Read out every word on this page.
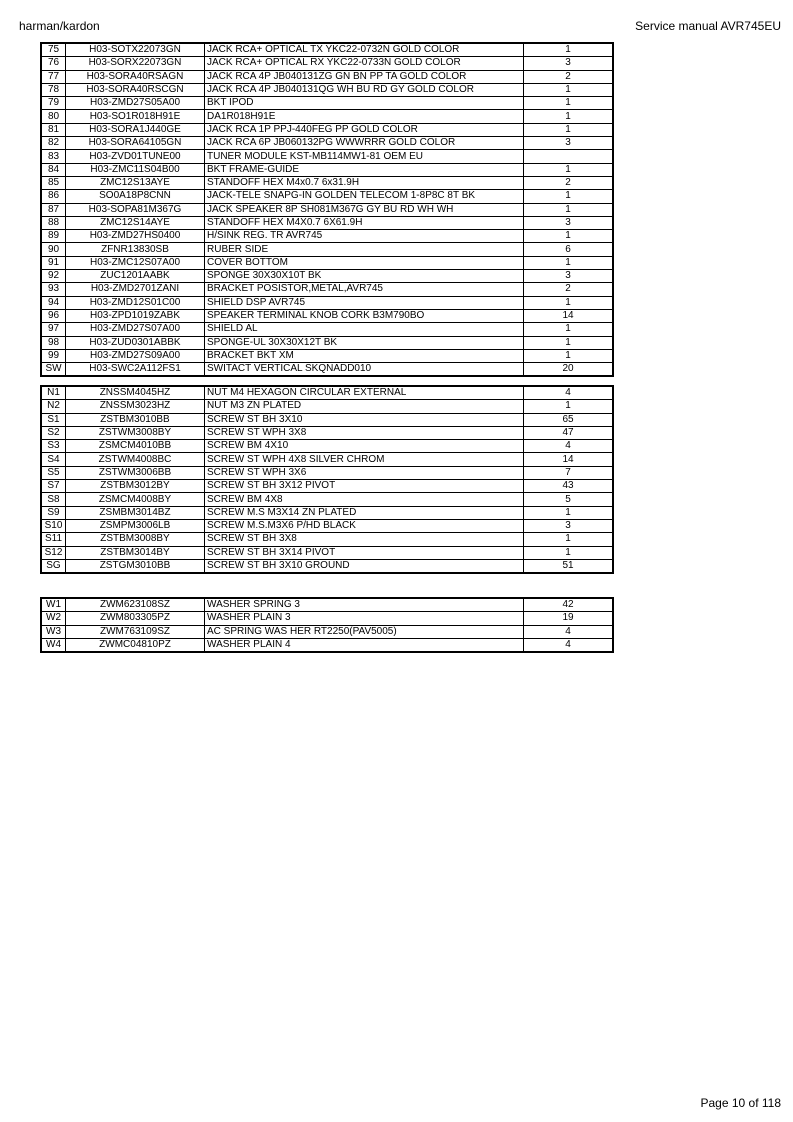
harman/kardon	Service manual AVR745EU
75	H03-SOTX22073GN	JACK RCA+ OPTICAL TX YKC22-0732N GOLD COLOR	1
76	H03-SORX22073GN	JACK RCA+ OPTICAL RX YKC22-0733N GOLD COLOR	3
77	H03-SORA40RSAGN	JACK RCA 4P JB040131ZG GN BN PP TA GOLD COLOR	2
78	H03-SORA40RSCGN	JACK RCA 4P JB040131QG WH BU RD GY GOLD COLOR	1
79	H03-ZMD27S05A00	BKT IPOD	1
80	H03-SO1R018H91E	DA1R018H91E	1
81	H03-SORA1J440GE	JACK RCA 1P PPJ-440FEG PP GOLD COLOR	1
82	H03-SORA64105GN	JACK RCA 6P JB060132PG WWWRRR GOLD COLOR	3
83	H03-ZVD01TUNE00	TUNER MODULE KST-MB114MW1-81 OEM EU	
84	H03-ZMC11S04B00	BKT FRAME-GUIDE	1
85	ZMC12S13AYE	STANDOFF HEX M4x0.7 6x31.9H	2
86	SO0A18P8CNN	JACK-TELE SNAPG-IN GOLDEN TELECOM 1-8P8C 8T BK	1
87	H03-SOPA81M367G	JACK SPEAKER 8P SH081M367G GY BU RD WH WH	1
88	ZMC12S14AYE	STANDOFF HEX M4X0.7 6X61.9H	3
89	H03-ZMD27HS0400	H/SINK REG. TR AVR745	1
90	ZFNR13830SB	RUBER SIDE	6
91	H03-ZMC12S07A00	COVER BOTTOM	1
92	ZUC1201AABK	SPONGE 30X30X10T BK	3
93	H03-ZMD2701ZANI	BRACKET POSISTOR,METAL,AVR745	2
94	H03-ZMD12S01C00	SHIELD DSP AVR745	1
96	H03-ZPD1019ZABK	SPEAKER TERMINAL KNOB CORK B3M790BO	14
97	H03-ZMD27S07A00	SHIELD AL	1
98	H03-ZUD0301ABBK	SPONGE-UL 30X30X12T BK	1
99	H03-ZMD27S09A00	BRACKET BKT XM	1
SW	H03-SWC2A112FS1	SWITACT VERTICAL SKQNADD010	20
N1	ZNSSM4045HZ	NUT M4 HEXAGON CIRCULAR EXTERNAL	4
N2	ZNSSM3023HZ	NUT M3 ZN PLATED	1
S1	ZSTBM3010BB	SCREW ST BH 3X10	65
S2	ZSTWM3008BY	SCREW ST WPH 3X8	47
S3	ZSMCM4010BB	SCREW BM 4X10	4
S4	ZSTWM4008BC	SCREW ST WPH 4X8 SILVER CHROM	14
S5	ZSTWM3006BB	SCREW ST WPH 3X6	7
S7	ZSTBM3012BY	SCREW ST BH 3X12 PIVOT	43
S8	ZSMCM4008BY	SCREW BM 4X8	5
S9	ZSMBM3014BZ	SCREW M.S M3X14 ZN PLATED	1
S10	ZSMPM3006LB	SCREW M.S.M3X6 P/HD BLACK	3
S11	ZSTBM3008BY	SCREW ST BH 3X8	1
S12	ZSTBM3014BY	SCREW ST BH 3X14 PIVOT	1
SG	ZSTGM3010BB	SCREW ST BH 3X10 GROUND	51
W1	ZWM623108SZ	WASHER SPRING 3	42
W2	ZWM803305PZ	WASHER PLAIN 3	19
W3	ZWM763109SZ	AC SPRING WAS HER RT2250(PAV5005)	4
W4	ZWMC04810PZ	WASHER PLAIN 4	4
Page 10 of 118
